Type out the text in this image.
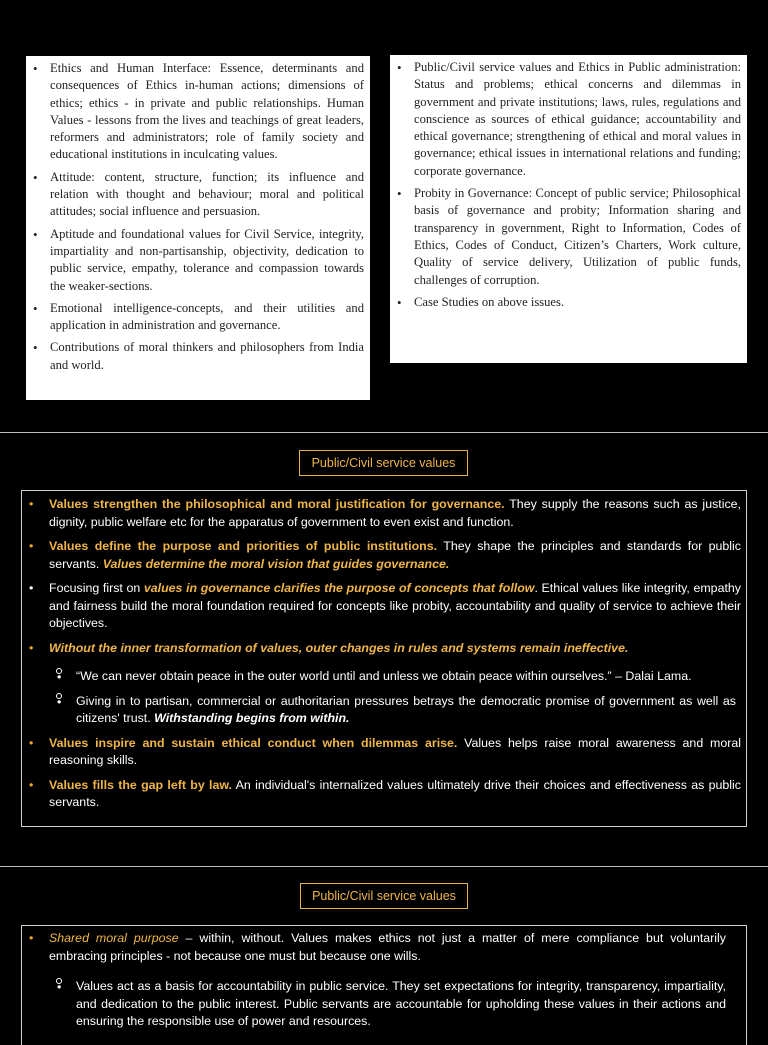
• Ethics and Human Interface: Essence, determinants and consequences of Ethics in-human actions; dimensions of ethics; ethics - in private and public relationships. Human Values - lessons from the lives and teachings of great leaders, reformers and administrators; role of family society and educational institutions in inculcating values.
• Attitude: content, structure, function; its influence and relation with thought and behaviour; moral and political attitudes; social influence and persuasion.
• Aptitude and foundational values for Civil Service, integrity, impartiality and non-partisanship, objectivity, dedication to public service, empathy, tolerance and compassion towards the weaker-sections.
• Emotional intelligence-concepts, and their utilities and application in administration and governance.
• Contributions of moral thinkers and philosophers from India and world.
• Public/Civil service values and Ethics in Public administration: Status and problems; ethical concerns and dilemmas in government and private institutions; laws, rules, regulations and conscience as sources of ethical guidance; accountability and ethical governance; strengthening of ethical and moral values in governance; ethical issues in international relations and funding; corporate governance.
• Probity in Governance: Concept of public service; Philosophical basis of governance and probity; Information sharing and transparency in government, Right to Information, Codes of Ethics, Codes of Conduct, Citizen’s Charters, Work culture, Quality of service delivery, Utilization of public funds, challenges of corruption.
• Case Studies on above issues.
Public/Civil service values
• Values strengthen the philosophical and moral justification for governance. They supply the reasons such as justice, dignity, public welfare etc for the apparatus of government to even exist and function.
• Values define the purpose and priorities of public institutions. They shape the principles and standards for public servants. Values determine the moral vision that guides governance.
• Focusing first on values in governance clarifies the purpose of concepts that follow. Ethical values like integrity, empathy and fairness build the moral foundation required for concepts like probity, accountability and quality of service to achieve their objectives.
• Without the inner transformation of values, outer changes in rules and systems remain ineffective.
• “We can never obtain peace in the outer world until and unless we obtain peace within ourselves.” – Dalai Lama.
• Giving in to partisan, commercial or authoritarian pressures betrays the democratic promise of government as well as citizens' trust. Withstanding begins from within.
• Values inspire and sustain ethical conduct when dilemmas arise. Values helps raise moral awareness and moral reasoning skills.
• Values fills the gap left by law. An individual's internalized values ultimately drive their choices and effectiveness as public servants.
Public/Civil service values
• Shared moral purpose – within, without. Values makes ethics not just a matter of mere compliance but voluntarily embracing principles - not because one must but because one wills.
• Values act as a basis for accountability in public service. They set expectations for integrity, transparency, impartiality, and dedication to the public interest. Public servants are accountable for upholding these values in their actions and ensuring the responsible use of power and resources.
